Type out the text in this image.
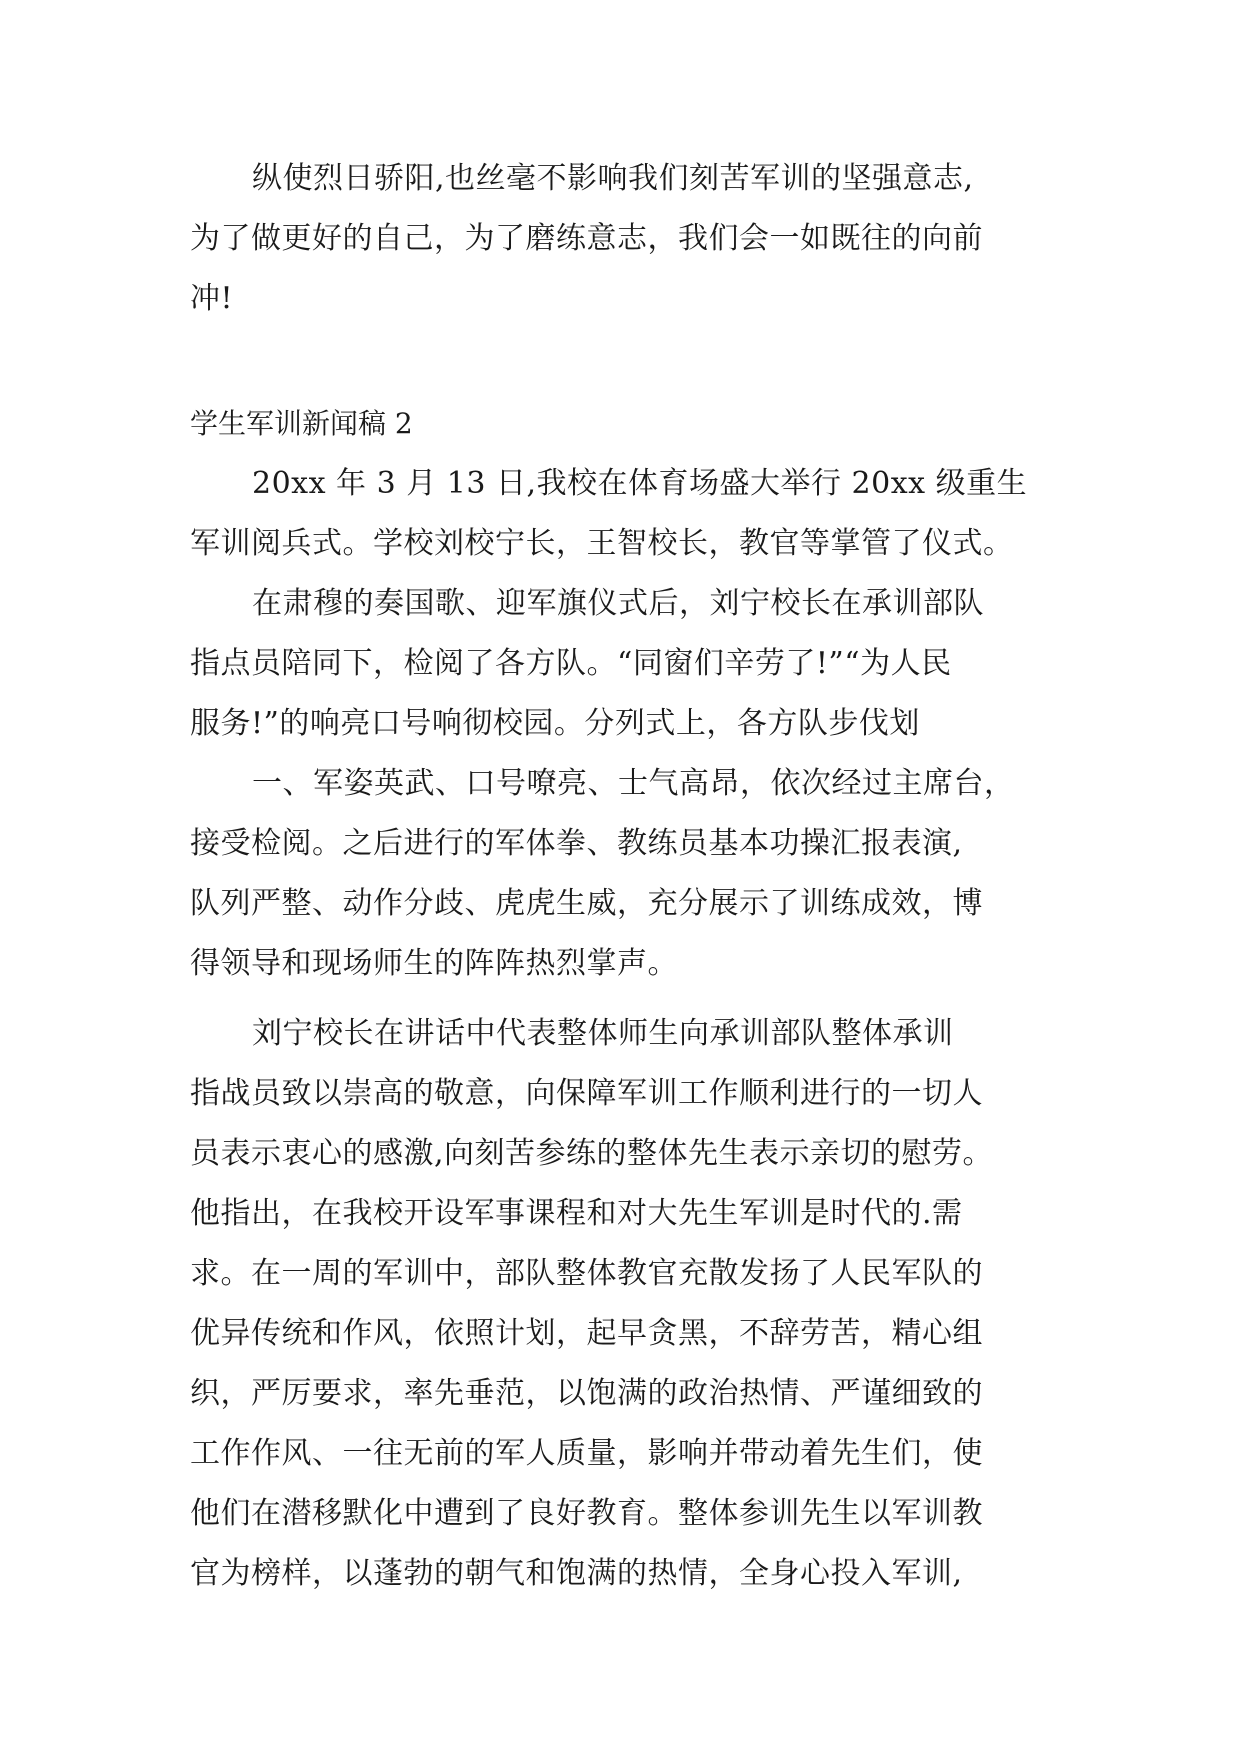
纵使烈日骄阳,也丝毫不影响我们刻苦军训的坚强意志,
为了做更好的自己，为了磨练意志，我们会一如既往的向前
冲!
学生军训新闻稿 2
20xx 年 3 月 13 日,我校在体育场盛大举行 20xx 级重生
军训阅兵式。学校刘校宁长，王智校长，教官等掌管了仪式。
在肃穆的奏国歌、迎军旗仪式后，刘宁校长在承训部队
指点员陪同下，检阅了各方队。“同窗们辛劳了!”“为人民
服务!”的响亮口号响彻校园。分列式上，各方队步伐划
一、军姿英武、口号嘹亮、士气高昂，依次经过主席台，
接受检阅。之后进行的军体拳、教练员基本功操汇报表演,
队列严整、动作分歧、虎虎生威，充分展示了训练成效，博
得领导和现场师生的阵阵热烈掌声。
刘宁校长在讲话中代表整体师生向承训部队整体承训
指战员致以崇高的敬意，向保障军训工作顺利进行的一切人
员表示衷心的感激,向刻苦参练的整体先生表示亲切的慰劳。
他指出，在我校开设军事课程和对大先生军训是时代的.需
求。在一周的军训中，部队整体教官充散发扬了人民军队的
优异传统和作风，依照计划，起早贪黑，不辞劳苦，精心组
织，严厉要求，率先垂范，以饱满的政治热情、严谨细致的
工作作风、一往无前的军人质量，影响并带动着先生们，使
他们在潜移默化中遭到了良好教育。整体参训先生以军训教
官为榜样，以蓬勃的朝气和饱满的热情，全身心投入军训,
